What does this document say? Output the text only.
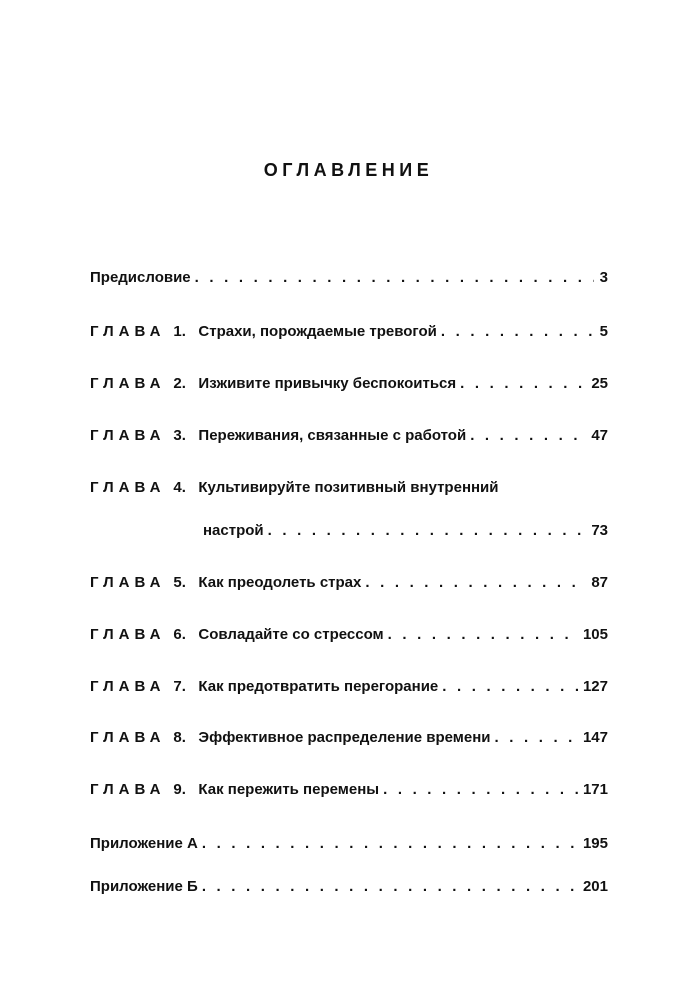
ОГЛАВЛЕНИЕ
Предисловие . . .	3
ГЛАВА 1. Страхи, порождаемые тревогой . . .	5
ГЛАВА 2. Изживите привычку беспокоиться . . .	25
ГЛАВА 3. Переживания, связанные с работой . . .	47
ГЛАВА 4. Культивируйте позитивный внутренний
настрой . . .	73
ГЛАВА 5. Как преодолеть страх . . .	87
ГЛАВА 6. Совладайте со стрессом . . .	105
ГЛАВА 7. Как предотвратить перегорание . . .	127
ГЛАВА 8. Эффективное распределение времени . . .	147
ГЛАВА 9. Как пережить перемены . . .	171
Приложение А . . .	195
Приложение Б . . .	201
